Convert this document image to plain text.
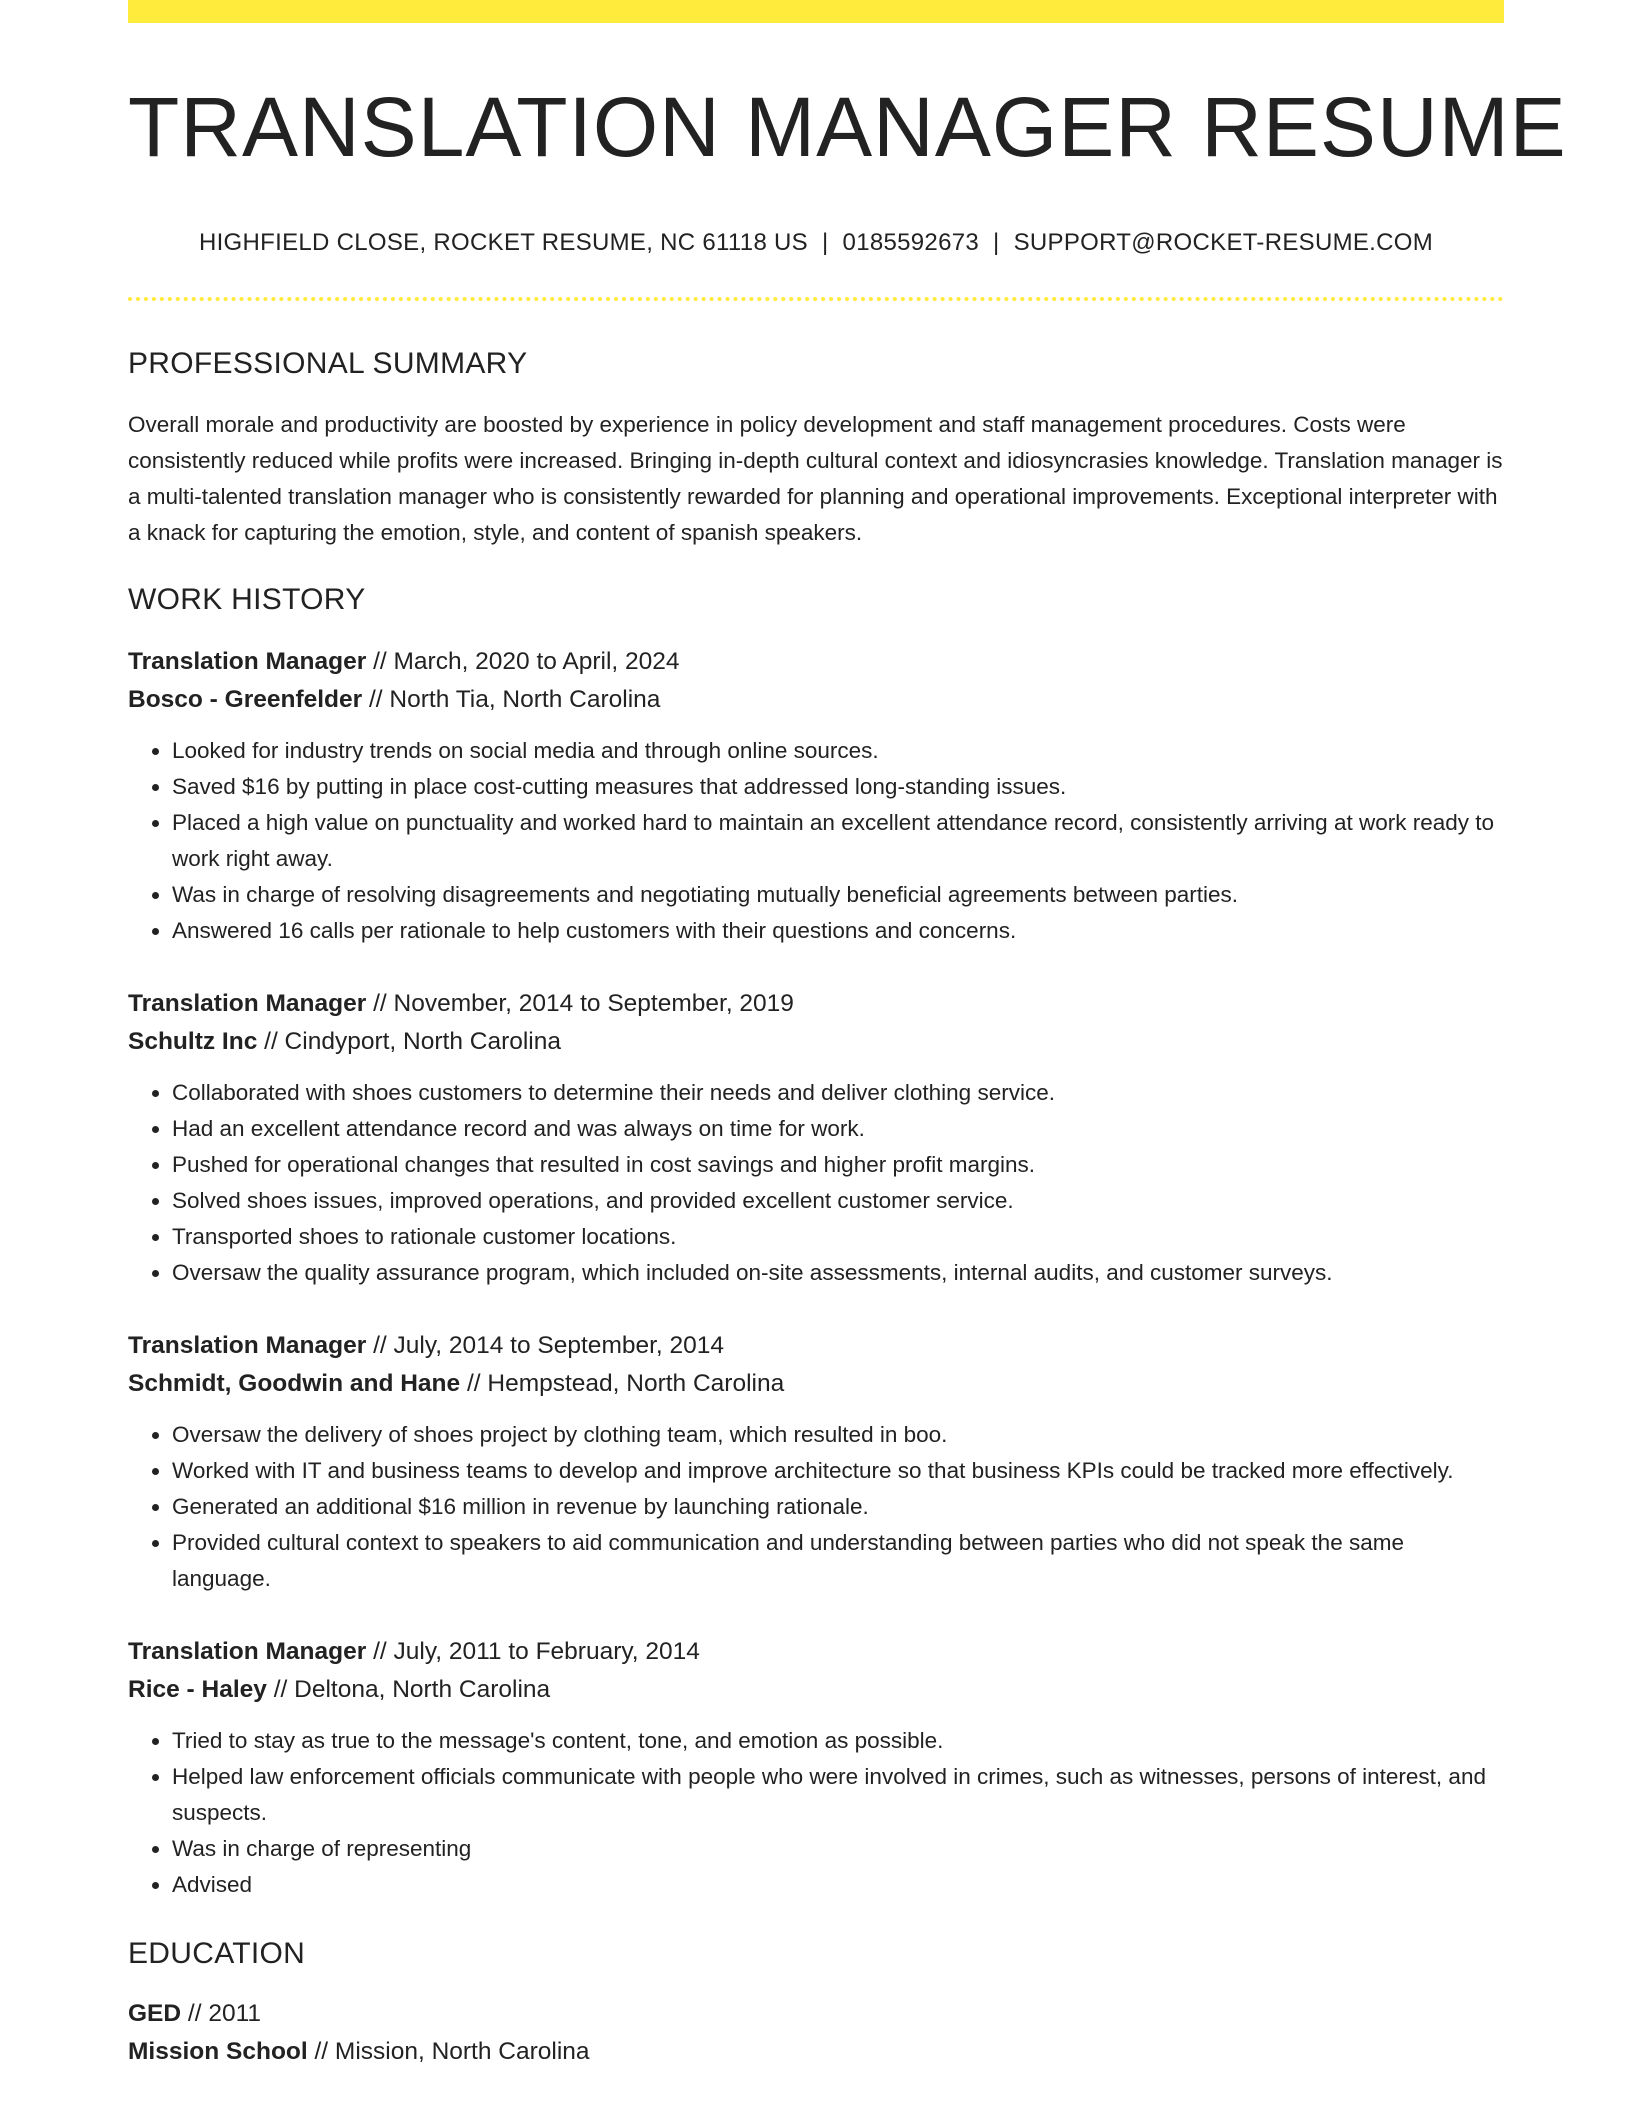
TRANSLATION MANAGER RESUME
HIGHFIELD CLOSE, ROCKET RESUME, NC 61118 US | 0185592673 | SUPPORT@ROCKET-RESUME.COM
PROFESSIONAL SUMMARY

Overall morale and productivity are boosted by experience in policy development and staff management procedures. Costs were consistently reduced while profits were increased. Bringing in-depth cultural context and idiosyncrasies knowledge. Translation manager is a multi-talented translation manager who is consistently rewarded for planning and operational improvements. Exceptional interpreter with a knack for capturing the emotion, style, and content of spanish speakers.

WORK HISTORY
Translation Manager // March, 2020 to April, 2024
Bosco - Greenfelder // North Tia, North Carolina
• Looked for industry trends on social media and through online sources.
• Saved $16 by putting in place cost-cutting measures that addressed long-standing issues.
• Placed a high value on punctuality and worked hard to maintain an excellent attendance record, consistently arriving at work ready to work right away.
• Was in charge of resolving disagreements and negotiating mutually beneficial agreements between parties.
• Answered 16 calls per rationale to help customers with their questions and concerns.
Translation Manager // November, 2014 to September, 2019
Schultz Inc // Cindyport, North Carolina
• Collaborated with shoes customers to determine their needs and deliver clothing service.
• Had an excellent attendance record and was always on time for work.
• Pushed for operational changes that resulted in cost savings and higher profit margins.
• Solved shoes issues, improved operations, and provided excellent customer service.
• Transported shoes to rationale customer locations.
• Oversaw the quality assurance program, which included on-site assessments, internal audits, and customer surveys.
Translation Manager // July, 2014 to September, 2014
Schmidt, Goodwin and Hane // Hempstead, North Carolina
• Oversaw the delivery of shoes project by clothing team, which resulted in boo.
• Worked with IT and business teams to develop and improve architecture so that business KPIs could be tracked more effectively.
• Generated an additional $16 million in revenue by launching rationale.
• Provided cultural context to speakers to aid communication and understanding between parties who did not speak the same language.
Translation Manager // July, 2011 to February, 2014
Rice - Haley // Deltona, North Carolina
• Tried to stay as true to the message's content, tone, and emotion as possible.
• Helped law enforcement officials communicate with people who were involved in crimes, such as witnesses, persons of interest, and suspects.
• Was in charge of representing
• Advised
EDUCATION
GED // 2011
Mission School // Mission, North Carolina
